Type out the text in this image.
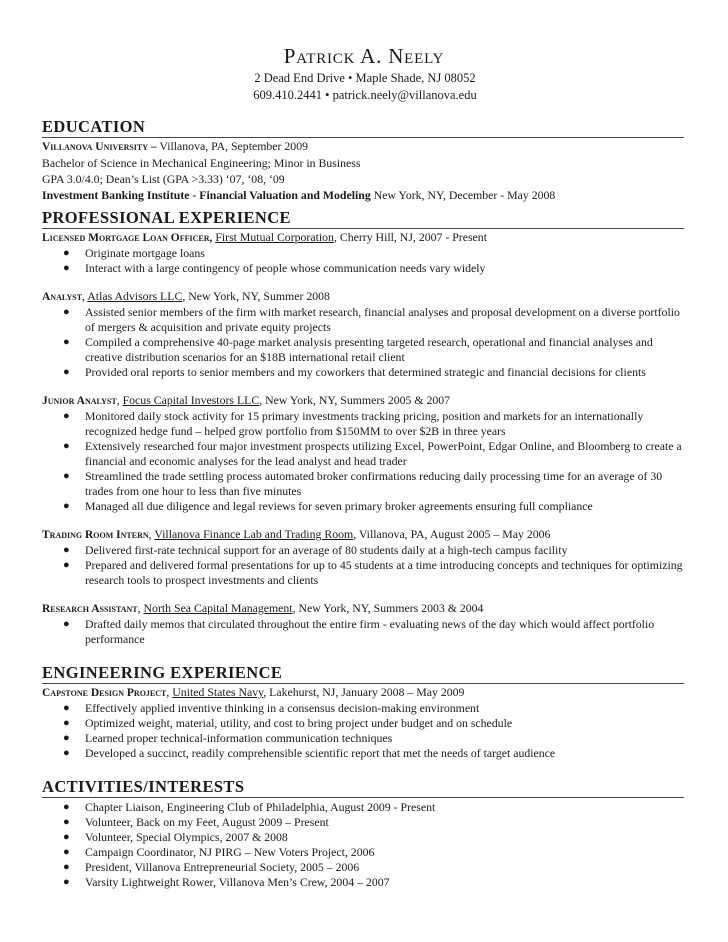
Patrick A. Neely
2 Dead End Drive • Maple Shade, NJ 08052
609.410.2441 • patrick.neely@villanova.edu
EDUCATION
Villanova University – Villanova, PA, September 2009
Bachelor of Science in Mechanical Engineering; Minor in Business
GPA 3.0/4.0; Dean’s List (GPA >3.33) ‘07, ‘08, ‘09
Investment Banking Institute - Financial Valuation and Modeling New York, NY, December - May 2008
PROFESSIONAL EXPERIENCE
Licensed Mortgage Loan Officer, First Mutual Corporation, Cherry Hill, NJ, 2007 - Present
● Originate mortgage loans
● Interact with a large contingency of people whose communication needs vary widely
Analyst, Atlas Advisors LLC, New York, NY, Summer 2008
● Assisted senior members of the firm with market research, financial analyses and proposal development on a diverse portfolio of mergers & acquisition and private equity projects
● Compiled a comprehensive 40-page market analysis presenting targeted research, operational and financial analyses and creative distribution scenarios for an $18B international retail client
● Provided oral reports to senior members and my coworkers that determined strategic and financial decisions for clients
Junior Analyst, Focus Capital Investors LLC, New York, NY, Summers 2005 & 2007
● Monitored daily stock activity for 15 primary investments tracking pricing, position and markets for an internationally recognized hedge fund – helped grow portfolio from $150MM to over $2B in three years
● Extensively researched four major investment prospects utilizing Excel, PowerPoint, Edgar Online, and Bloomberg to create a financial and economic analyses for the lead analyst and head trader
● Streamlined the trade settling process automated broker confirmations reducing daily processing time for an average of 30 trades from one hour to less than five minutes
● Managed all due diligence and legal reviews for seven primary broker agreements ensuring full compliance
Trading Room Intern, Villanova Finance Lab and Trading Room, Villanova, PA, August 2005 – May 2006
● Delivered first-rate technical support for an average of 80 students daily at a high-tech campus facility
● Prepared and delivered formal presentations for up to 45 students at a time introducing concepts and techniques for optimizing research tools to prospect investments and clients
Research Assistant, North Sea Capital Management, New York, NY, Summers 2003 & 2004
● Drafted daily memos that circulated throughout the entire firm - evaluating news of the day which would affect portfolio performance
ENGINEERING EXPERIENCE
Capstone Design Project, United States Navy, Lakehurst, NJ, January 2008 – May 2009
● Effectively applied inventive thinking in a consensus decision-making environment
● Optimized weight, material, utility, and cost to bring project under budget and on schedule
● Learned proper technical-information communication techniques
● Developed a succinct, readily comprehensible scientific report that met the needs of target audience
ACTIVITIES/INTERESTS
● Chapter Liaison, Engineering Club of Philadelphia, August 2009 - Present
● Volunteer, Back on my Feet, August 2009 – Present
● Volunteer, Special Olympics, 2007 & 2008
● Campaign Coordinator, NJ PIRG – New Voters Project, 2006
● President, Villanova Entrepreneurial Society, 2005 – 2006
● Varsity Lightweight Rower, Villanova Men’s Crew, 2004 – 2007
